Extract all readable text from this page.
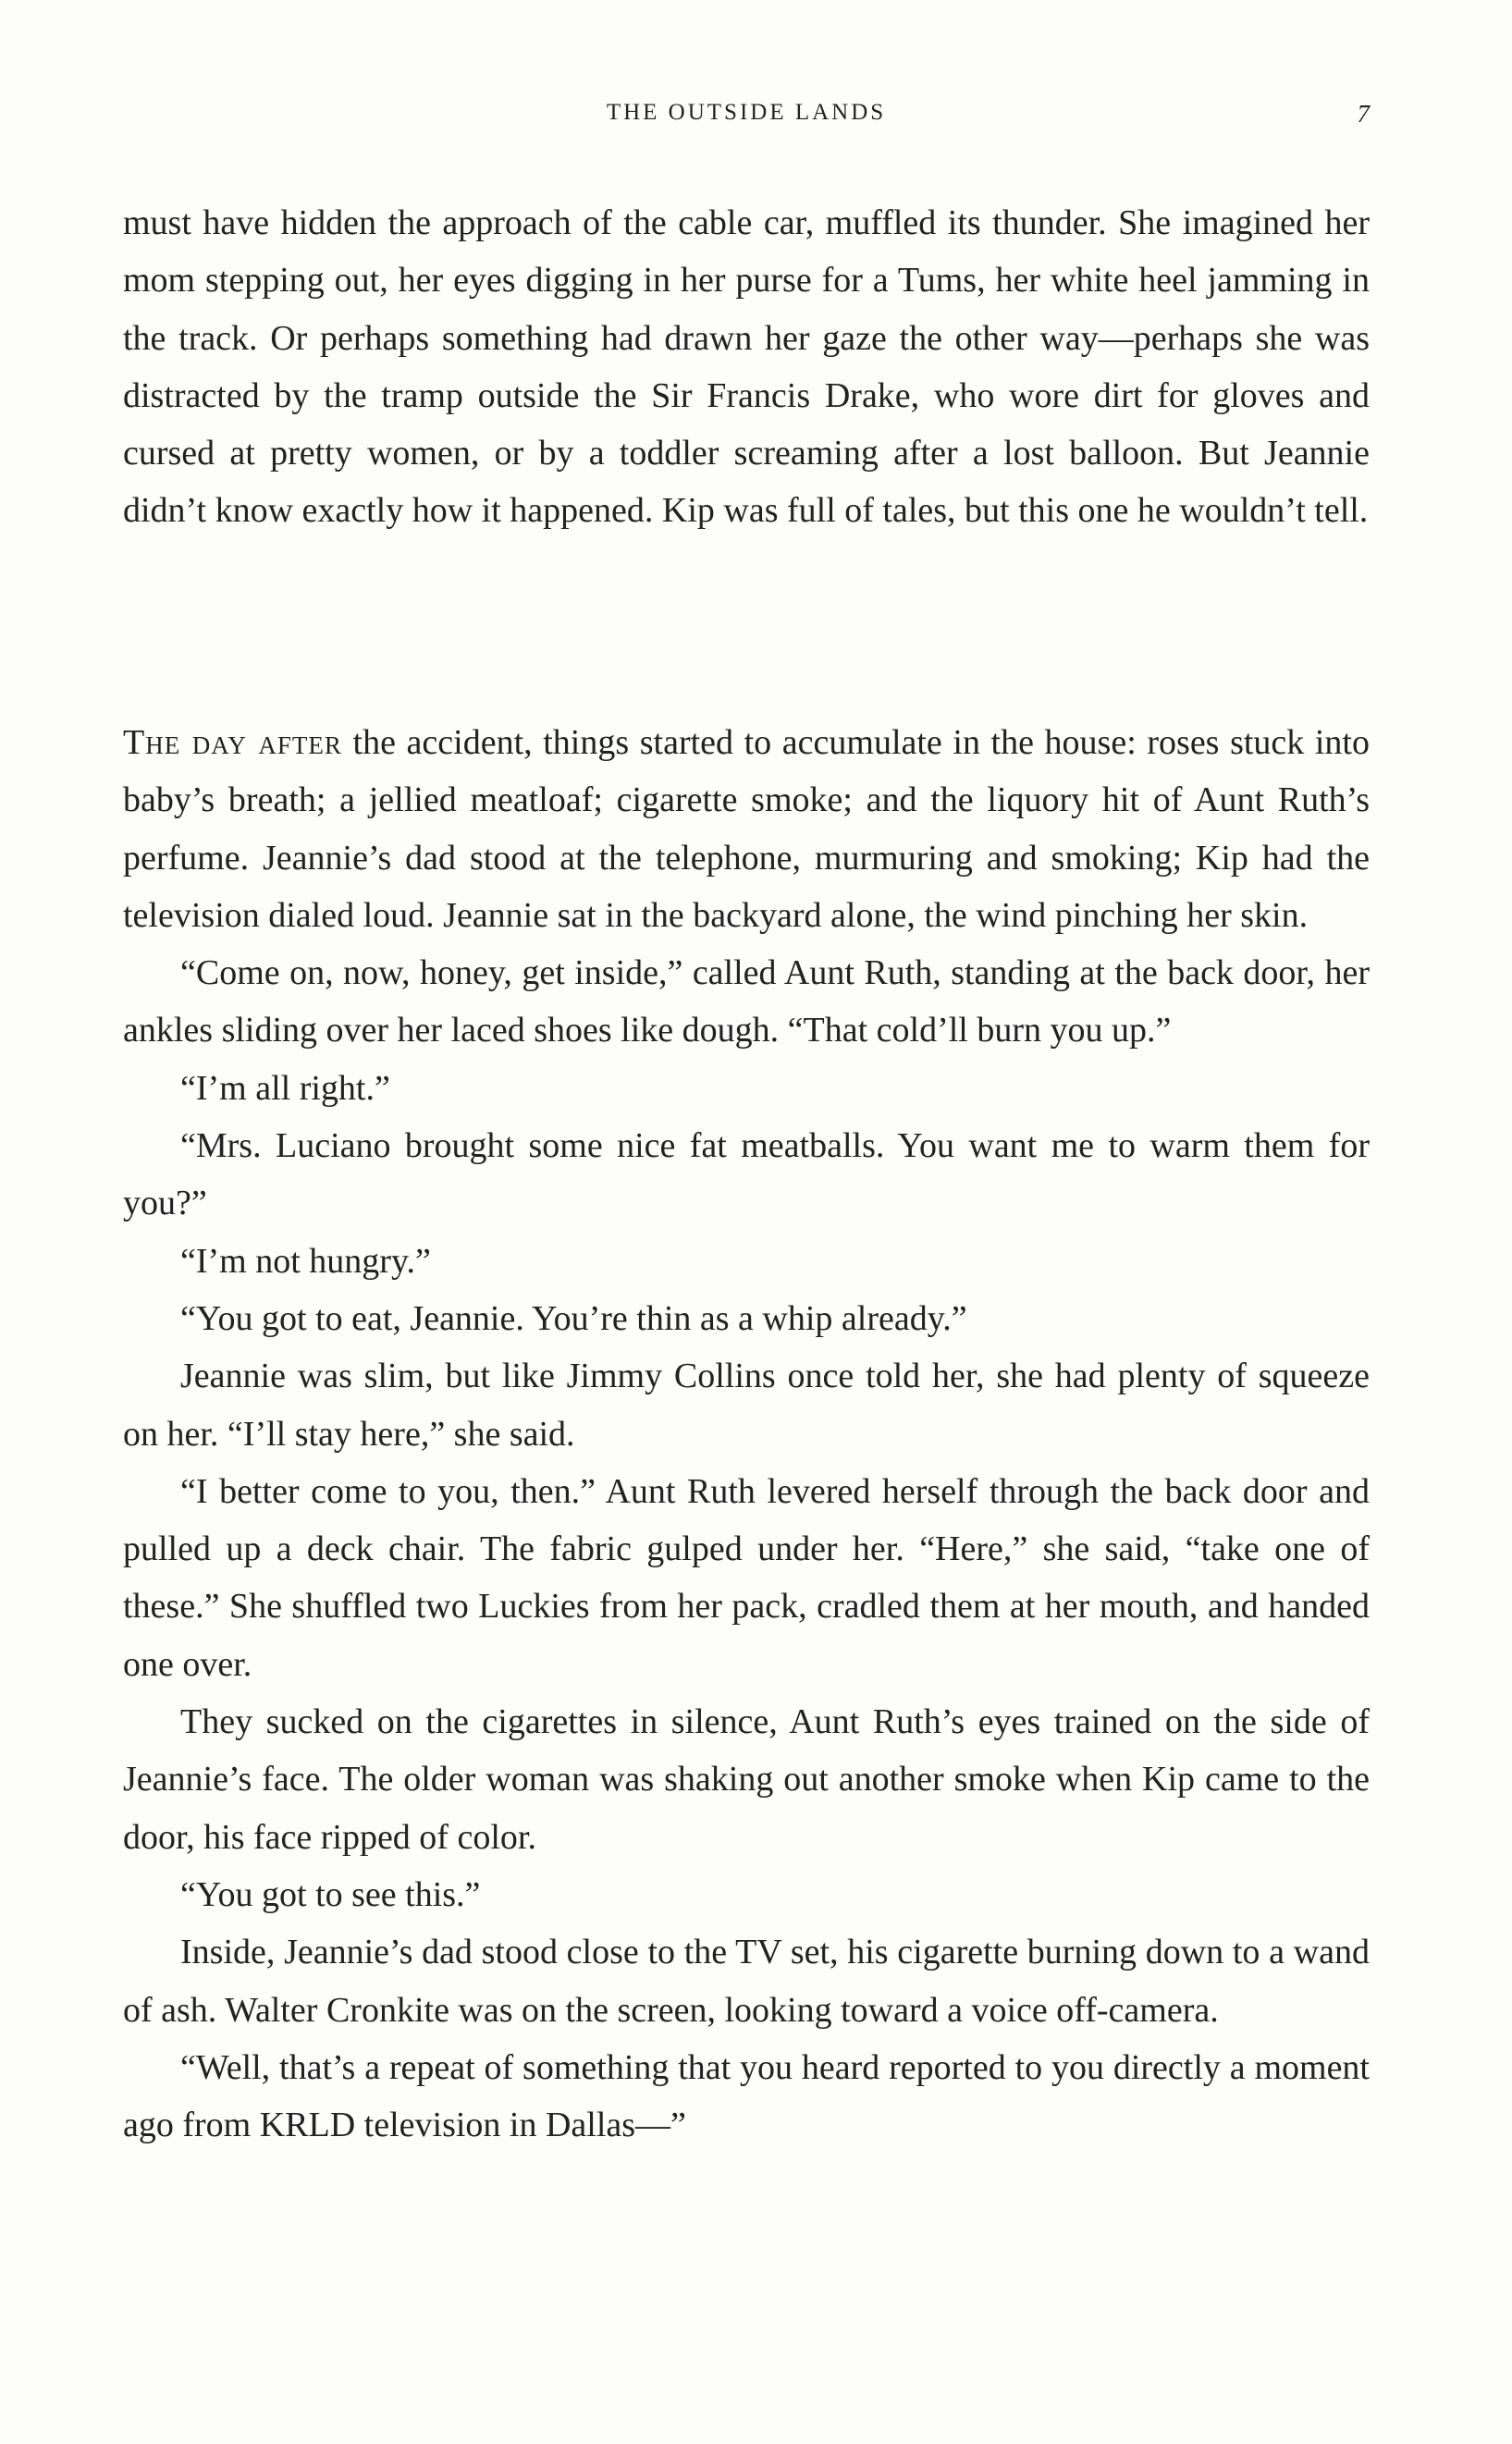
THE OUTSIDE LANDS	7

must have hidden the approach of the cable car, muffled its thunder. She imagined her mom stepping out, her eyes digging in her purse for a Tums, her white heel jamming in the track. Or perhaps something had drawn her gaze the other way—perhaps she was distracted by the tramp outside the Sir Francis Drake, who wore dirt for gloves and cursed at pretty women, or by a toddler screaming after a lost balloon. But Jeannie didn’t know exactly how it happened. Kip was full of tales, but this one he wouldn’t tell.

The day after the accident, things started to accumulate in the house: roses stuck into baby’s breath; a jellied meatloaf; cigarette smoke; and the liquory hit of Aunt Ruth’s perfume. Jeannie’s dad stood at the telephone, murmuring and smoking; Kip had the television dialed loud. Jeannie sat in the backyard alone, the wind pinching her skin.

“Come on, now, honey, get inside,” called Aunt Ruth, standing at the back door, her ankles sliding over her laced shoes like dough. “That cold’ll burn you up.”

“I’m all right.”

“Mrs. Luciano brought some nice fat meatballs. You want me to warm them for you?”

“I’m not hungry.”

“You got to eat, Jeannie. You’re thin as a whip already.”

Jeannie was slim, but like Jimmy Collins once told her, she had plenty of squeeze on her. “I’ll stay here,” she said.

“I better come to you, then.” Aunt Ruth levered herself through the back door and pulled up a deck chair. The fabric gulped under her. “Here,” she said, “take one of these.” She shuffled two Luckies from her pack, cradled them at her mouth, and handed one over.

They sucked on the cigarettes in silence, Aunt Ruth’s eyes trained on the side of Jeannie’s face. The older woman was shaking out another smoke when Kip came to the door, his face ripped of color.

“You got to see this.”

Inside, Jeannie’s dad stood close to the TV set, his cigarette burning down to a wand of ash. Walter Cronkite was on the screen, looking toward a voice off-camera.

“Well, that’s a repeat of something that you heard reported to you directly a moment ago from KRLD television in Dallas—”
